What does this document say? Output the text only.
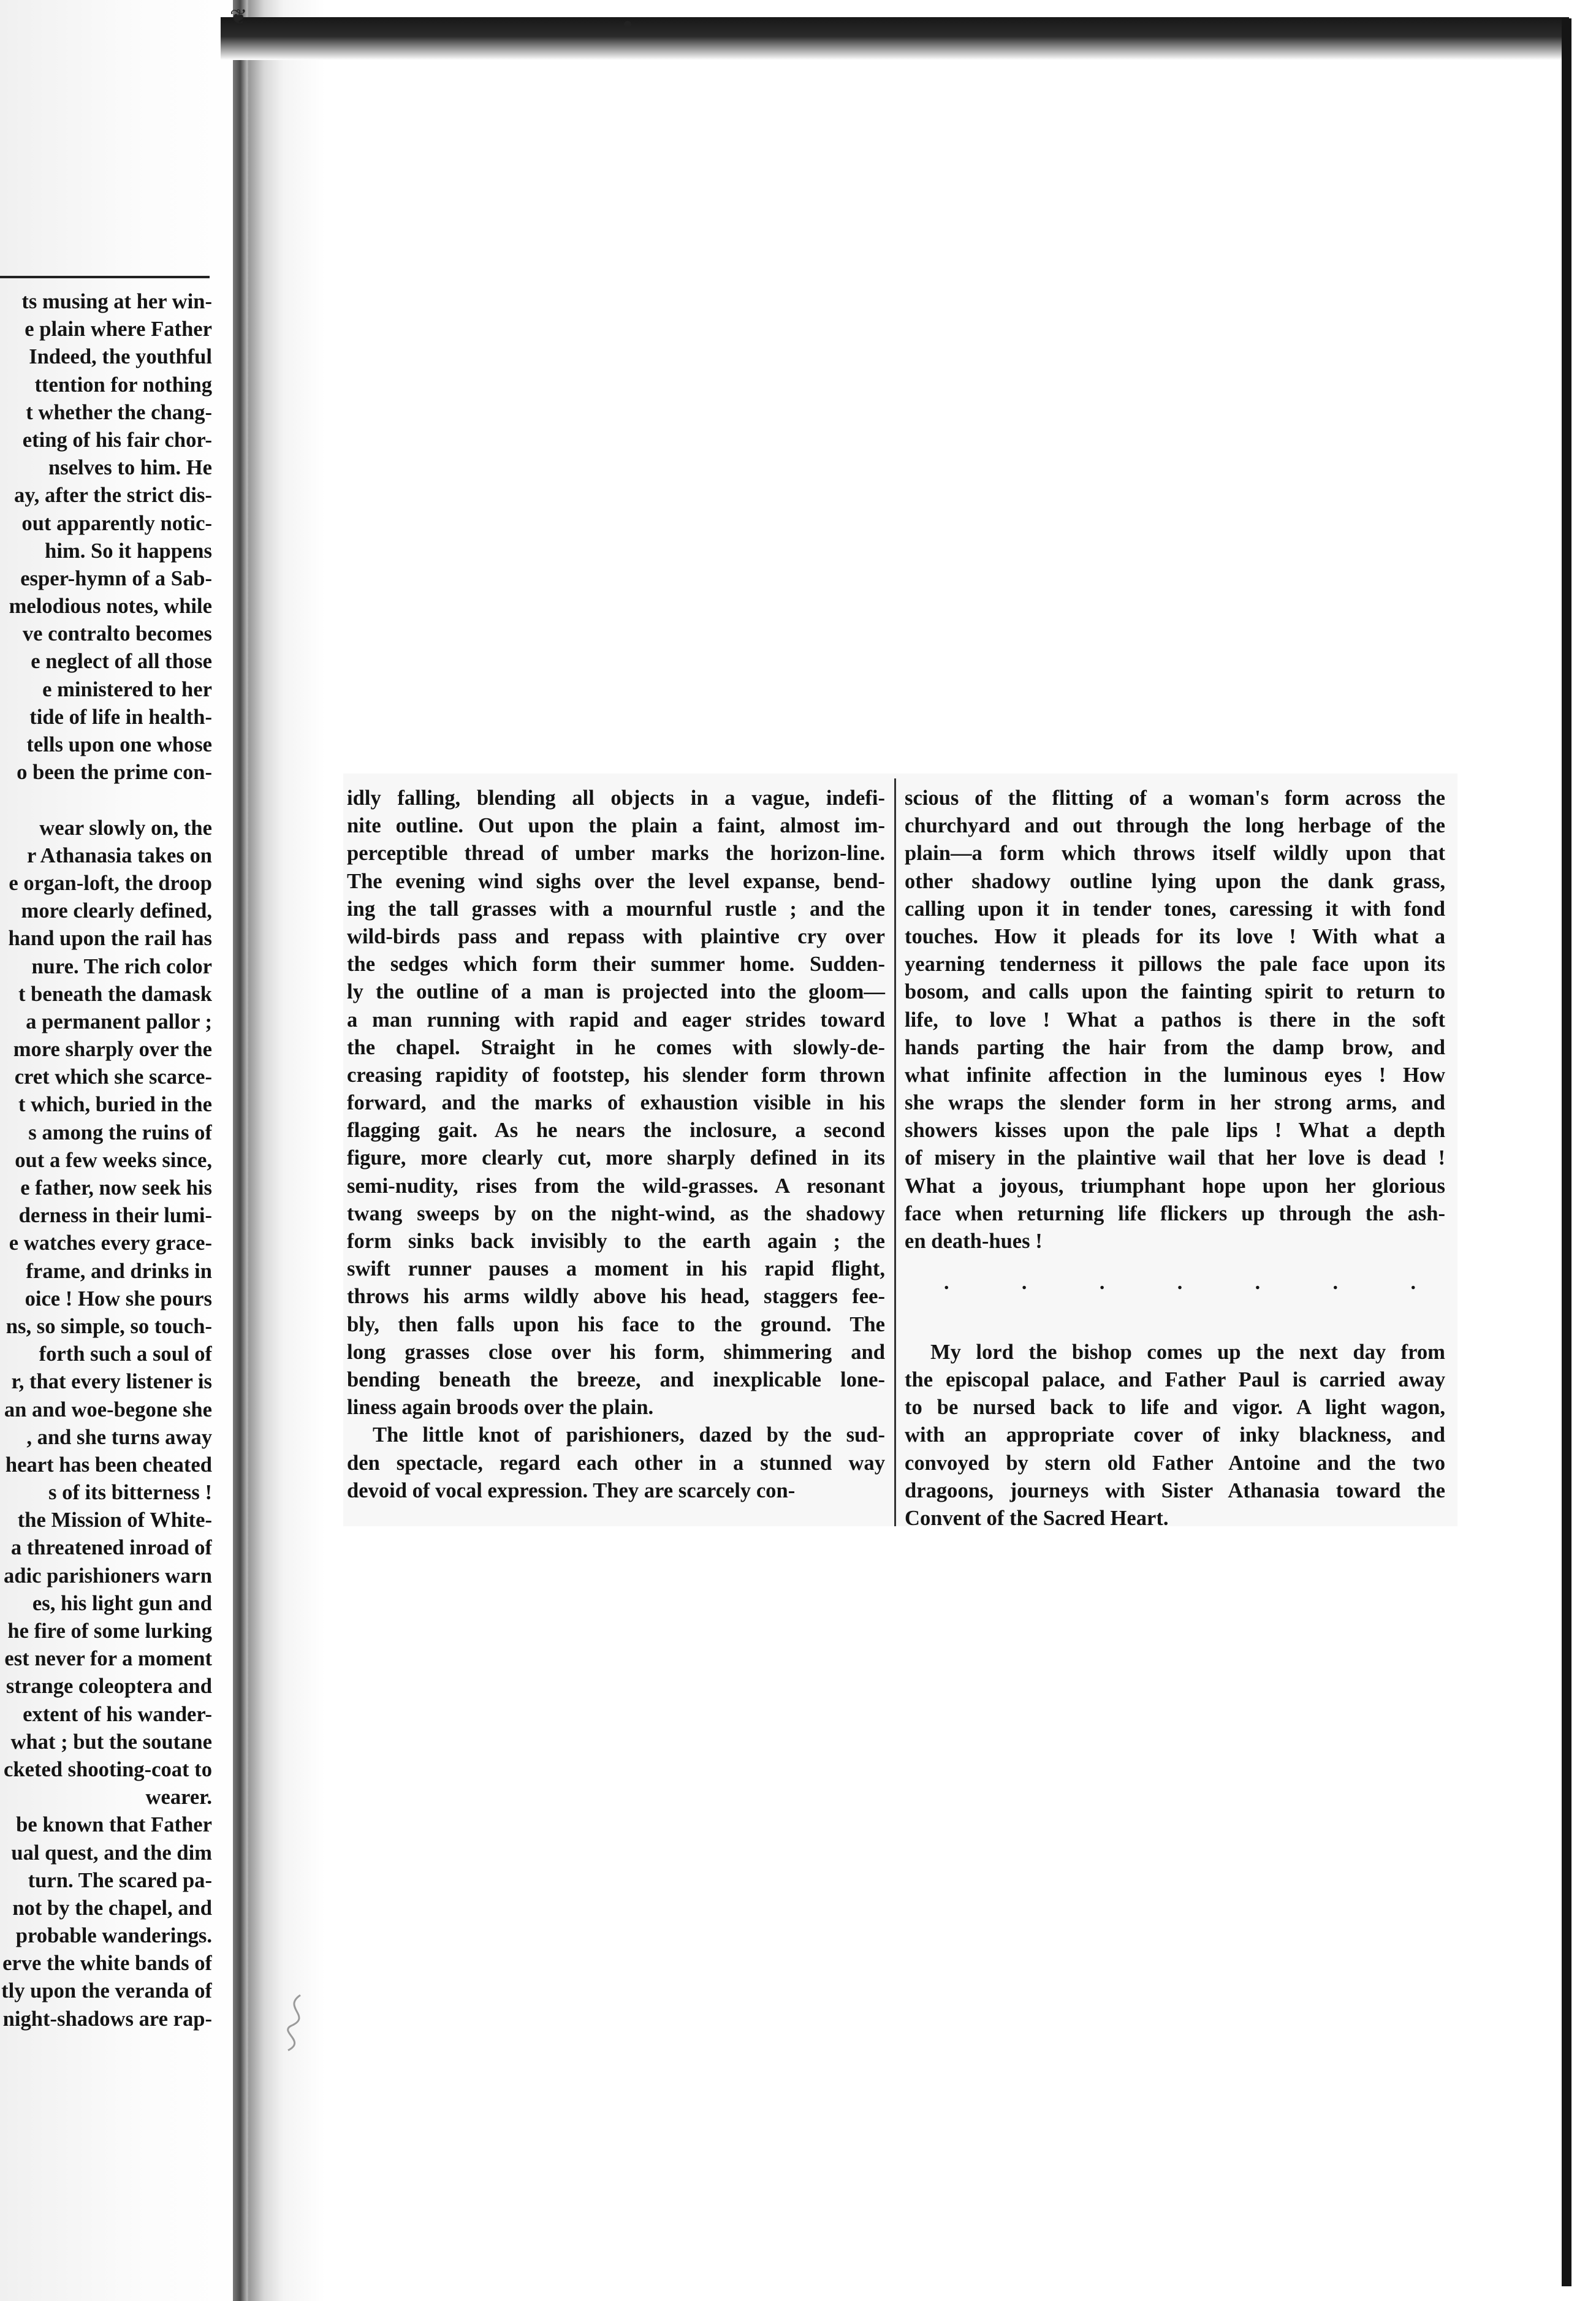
ts musing at her win-
e plain where Father
Indeed, the youthful
ttention for nothing
t whether the chang-
eting of his fair chor-
nselves to him. He
ay, after the strict dis-
out apparently notic-
him. So it happens
esper-hymn of a Sab-
melodious notes, while
ve contralto becomes
e neglect of all those
e ministered to her
tide of life in health-
tells upon one whose
o been the prime con-
wear slowly on, the
r Athanasia takes on
e organ-loft, the droop
more clearly defined,
hand upon the rail has
nure. The rich color
t beneath the damask
a permanent pallor ;
more sharply over the
cret which she scarce-
t which, buried in the
s among the ruins of
out a few weeks since,
e father, now seek his
derness in their lumi-
e watches every grace-
frame, and drinks in
oice ! How she pours
ns, so simple, so touch-
forth such a soul of
r, that every listener is
an and woe-begone she
, and she turns away
heart has been cheated
s of its bitterness !
the Mission of White-
a threatened inroad of
adic parishioners warn
es, his light gun and
he fire of some lurking
est never for a moment
strange coleoptera and
extent of his wander-
what ; but the soutane
cketed shooting-coat to
wearer.
be known that Father
ual quest, and the dim
turn. The scared pa-
not by the chapel, and
probable wanderings.
erve the white bands of
tly upon the veranda of
night-shadows are rap-
❦
idly falling, blending all objects in a vague, indefi-
nite outline. Out upon the plain a faint, almost im-
perceptible thread of umber marks the horizon-line.
The evening wind sighs over the level expanse, bend-
ing the tall grasses with a mournful rustle ; and the
wild-birds pass and repass with plaintive cry over
the sedges which form their summer home. Sudden-
ly the outline of a man is projected into the gloom—
a man running with rapid and eager strides toward
the chapel. Straight in he comes with slowly-de-
creasing rapidity of footstep, his slender form thrown
forward, and the marks of exhaustion visible in his
flagging gait. As he nears the inclosure, a second
figure, more clearly cut, more sharply defined in its
semi-nudity, rises from the wild-grasses. A resonant
twang sweeps by on the night-wind, as the shadowy
form sinks back invisibly to the earth again ; the
swift runner pauses a moment in his rapid flight,
throws his arms wildly above his head, staggers fee-
bly, then falls upon his face to the ground. The
long grasses close over his form, shimmering and
bending beneath the breeze, and inexplicable lone-
liness again broods over the plain.
The little knot of parishioners, dazed by the sud-
den spectacle, regard each other in a stunned way
devoid of vocal expression. They are scarcely con-
scious of the flitting of a woman's form across the
churchyard and out through the long herbage of the
plain—a form which throws itself wildly upon that
other shadowy outline lying upon the dank grass,
calling upon it in tender tones, caressing it with fond
touches. How it pleads for its love ! With what a
yearning tenderness it pillows the pale face upon its
bosom, and calls upon the fainting spirit to return to
life, to love ! What a pathos is there in the soft
hands parting the hair from the damp brow, and
what infinite affection in the luminous eyes ! How
she wraps the slender form in her strong arms, and
showers kisses upon the pale lips ! What a depth
of misery in the plaintive wail that her love is dead !
What a joyous, triumphant hope upon her glorious
face when returning life flickers up through the ash-
en death-hues !
My lord the bishop comes up the next day from
the episcopal palace, and Father Paul is carried away
to be nursed back to life and vigor. A light wagon,
with an appropriate cover of inky blackness, and
convoyed by stern old Father Antoine and the two
dragoons, journeys with Sister Athanasia toward the
Convent of the Sacred Heart.
.	.	.	.	.	.	.
